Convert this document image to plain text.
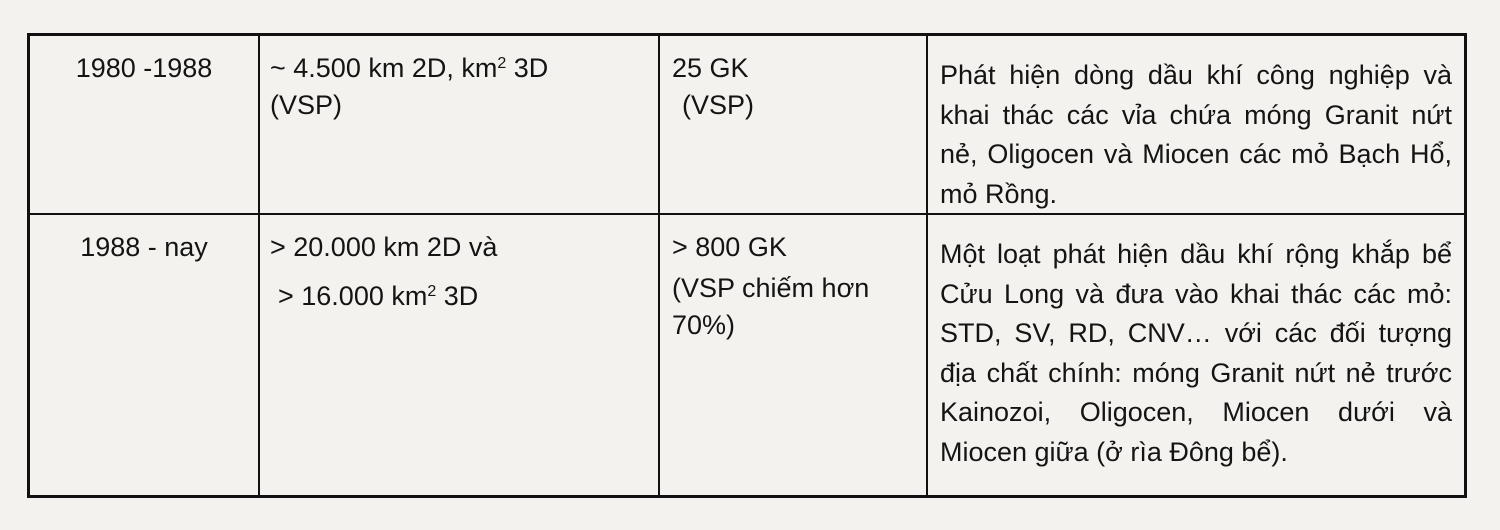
1980 -1988	~ 4.500 km 2D, $km^2$ 3D
(VSP)
25 GK
(VSP)
Phát hiện dòng dầu khí công nghiệp và khai thác các vỉa chứa móng Granit nứt nẻ, Oligocen và Miocen các mỏ Bạch Hổ, mỏ Rồng.
1988 - nay	> 20.000 km 2D và
> 16.000 $km^2$ 3D
> 800 GK
(VSP chiếm hơn
70%)
Một loạt phát hiện dầu khí rộng khắp bể Cửu Long và đưa vào khai thác các mỏ: STD, SV, RD, CNV… với các đối tượng địa chất chính: móng Granit nứt nẻ trước Kainozoi, Oligocen, Miocen dưới và Miocen giữa (ở rìa Đông bể).
